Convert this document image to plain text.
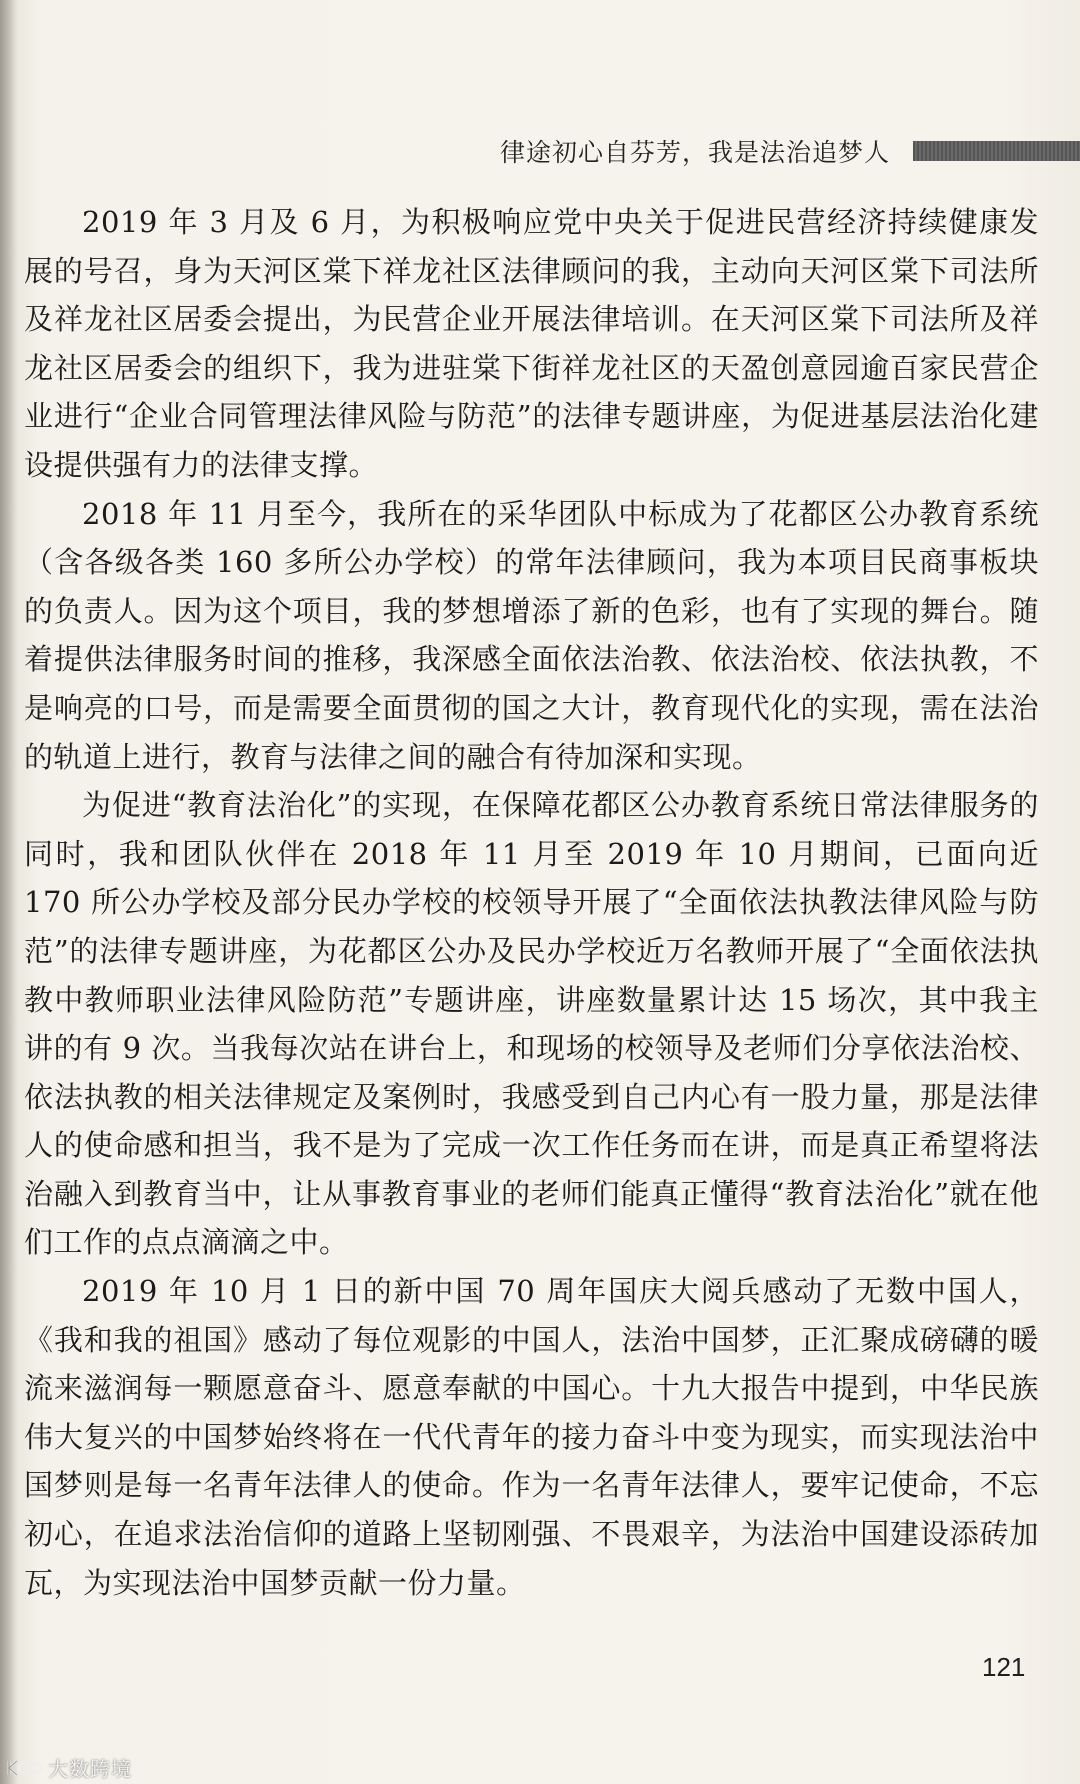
律途初心自芬芳，我是法治追梦人

2019 年 3 月及 6 月，为积极响应党中央关于促进民营经济持续健康发展的号召，身为天河区棠下祥龙社区法律顾问的我，主动向天河区棠下司法所及祥龙社区居委会提出，为民营企业开展法律培训。在天河区棠下司法所及祥龙社区居委会的组织下，我为进驻棠下街祥龙社区的天盈创意园逾百家民营企业进行“企业合同管理法律风险与防范”的法律专题讲座，为促进基层法治化建设提供强有力的法律支撑。

2018 年 11 月至今，我所在的采华团队中标成为了花都区公办教育系统（含各级各类 160 多所公办学校）的常年法律顾问，我为本项目民商事板块的负责人。因为这个项目，我的梦想增添了新的色彩，也有了实现的舞台。随着提供法律服务时间的推移，我深感全面依法治教、依法治校、依法执教，不是响亮的口号，而是需要全面贯彻的国之大计，教育现代化的实现，需在法治的轨道上进行，教育与法律之间的融合有待加深和实现。

为促进“教育法治化”的实现，在保障花都区公办教育系统日常法律服务的同时，我和团队伙伴在 2018 年 11 月至 2019 年 10 月期间，已面向近 170 所公办学校及部分民办学校的校领导开展了“全面依法执教法律风险与防范”的法律专题讲座，为花都区公办及民办学校近万名教师开展了“全面依法执教中教师职业法律风险防范”专题讲座，讲座数量累计达 15 场次，其中我主讲的有 9 次。当我每次站在讲台上，和现场的校领导及老师们分享依法治校、依法执教的相关法律规定及案例时，我感受到自己内心有一股力量，那是法律人的使命感和担当，我不是为了完成一次工作任务而在讲，而是真正希望将法治融入到教育当中，让从事教育事业的老师们能真正懂得“教育法治化”就在他们工作的点点滴滴之中。

2019 年 10 月 1 日的新中国 70 周年国庆大阅兵感动了无数中国人，《我和我的祖国》感动了每位观影的中国人，法治中国梦，正汇聚成磅礴的暖流来滋润每一颗愿意奋斗、愿意奉献的中国心。十九大报告中提到，中华民族伟大复兴的中国梦始终将在一代代青年的接力奋斗中变为现实，而实现法治中国梦则是每一名青年法律人的使命。作为一名青年法律人，要牢记使命，不忘初心，在追求法治信仰的道路上坚韧刚强、不畏艰辛，为法治中国建设添砖加瓦，为实现法治中国梦贡献一份力量。

121
大数跨境
